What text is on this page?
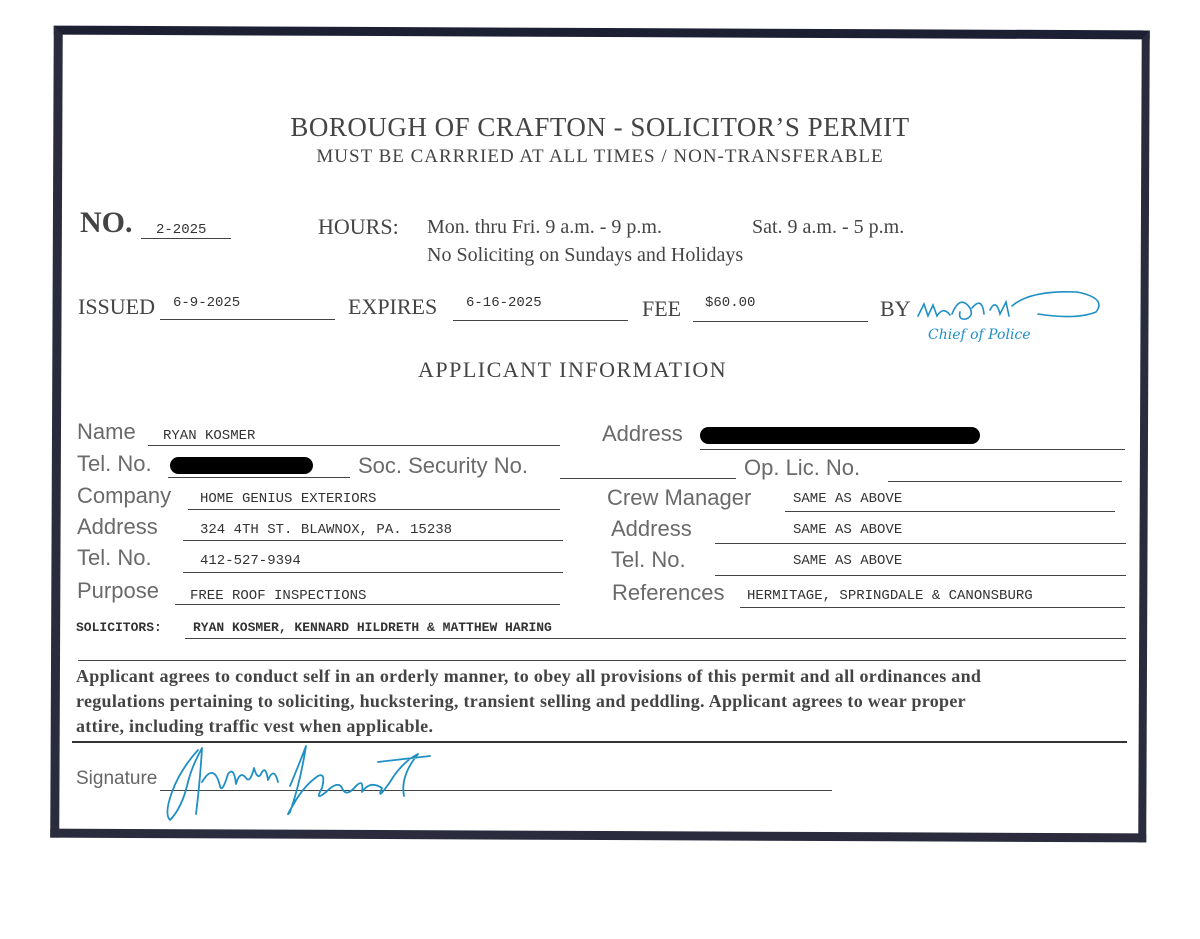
BOROUGH OF CRAFTON - SOLICITOR’S PERMIT
MUST BE CARRRIED AT ALL TIMES / NON-TRANSFERABLE
NO. 2-2025	HOURS: Mon. thru Fri. 9 a.m. - 9 p.m.	Sat. 9 a.m. - 5 p.m.
No Soliciting on Sundays and Holidays
ISSUED 6-9-2025	EXPIRES 6-16-2025	FEE $60.00	BY
Chief of Police
APPLICANT INFORMATION
Name RYAN KOSMER	Address
Tel. No.	Soc. Security No.	Op. Lic. No.
Company HOME GENIUS EXTERIORS	Crew Manager	SAME AS ABOVE
Address	324 4TH ST. BLAWNOX, PA. 15238	Address	SAME AS ABOVE
Tel. No.	412-527-9394	Tel. No.	SAME AS ABOVE
Purpose FREE ROOF INSPECTIONS	References HERMITAGE, SPRINGDALE & CANONSBURG
SOLICITORS: RYAN KOSMER, KENNARD HILDRETH & MATTHEW HARING
Applicant agrees to conduct self in an orderly manner, to obey all provisions of this permit and all ordinances and
regulations pertaining to soliciting, huckstering, transient selling and peddling. Applicant agrees to wear proper
attire, including traffic vest when applicable.
Signature
